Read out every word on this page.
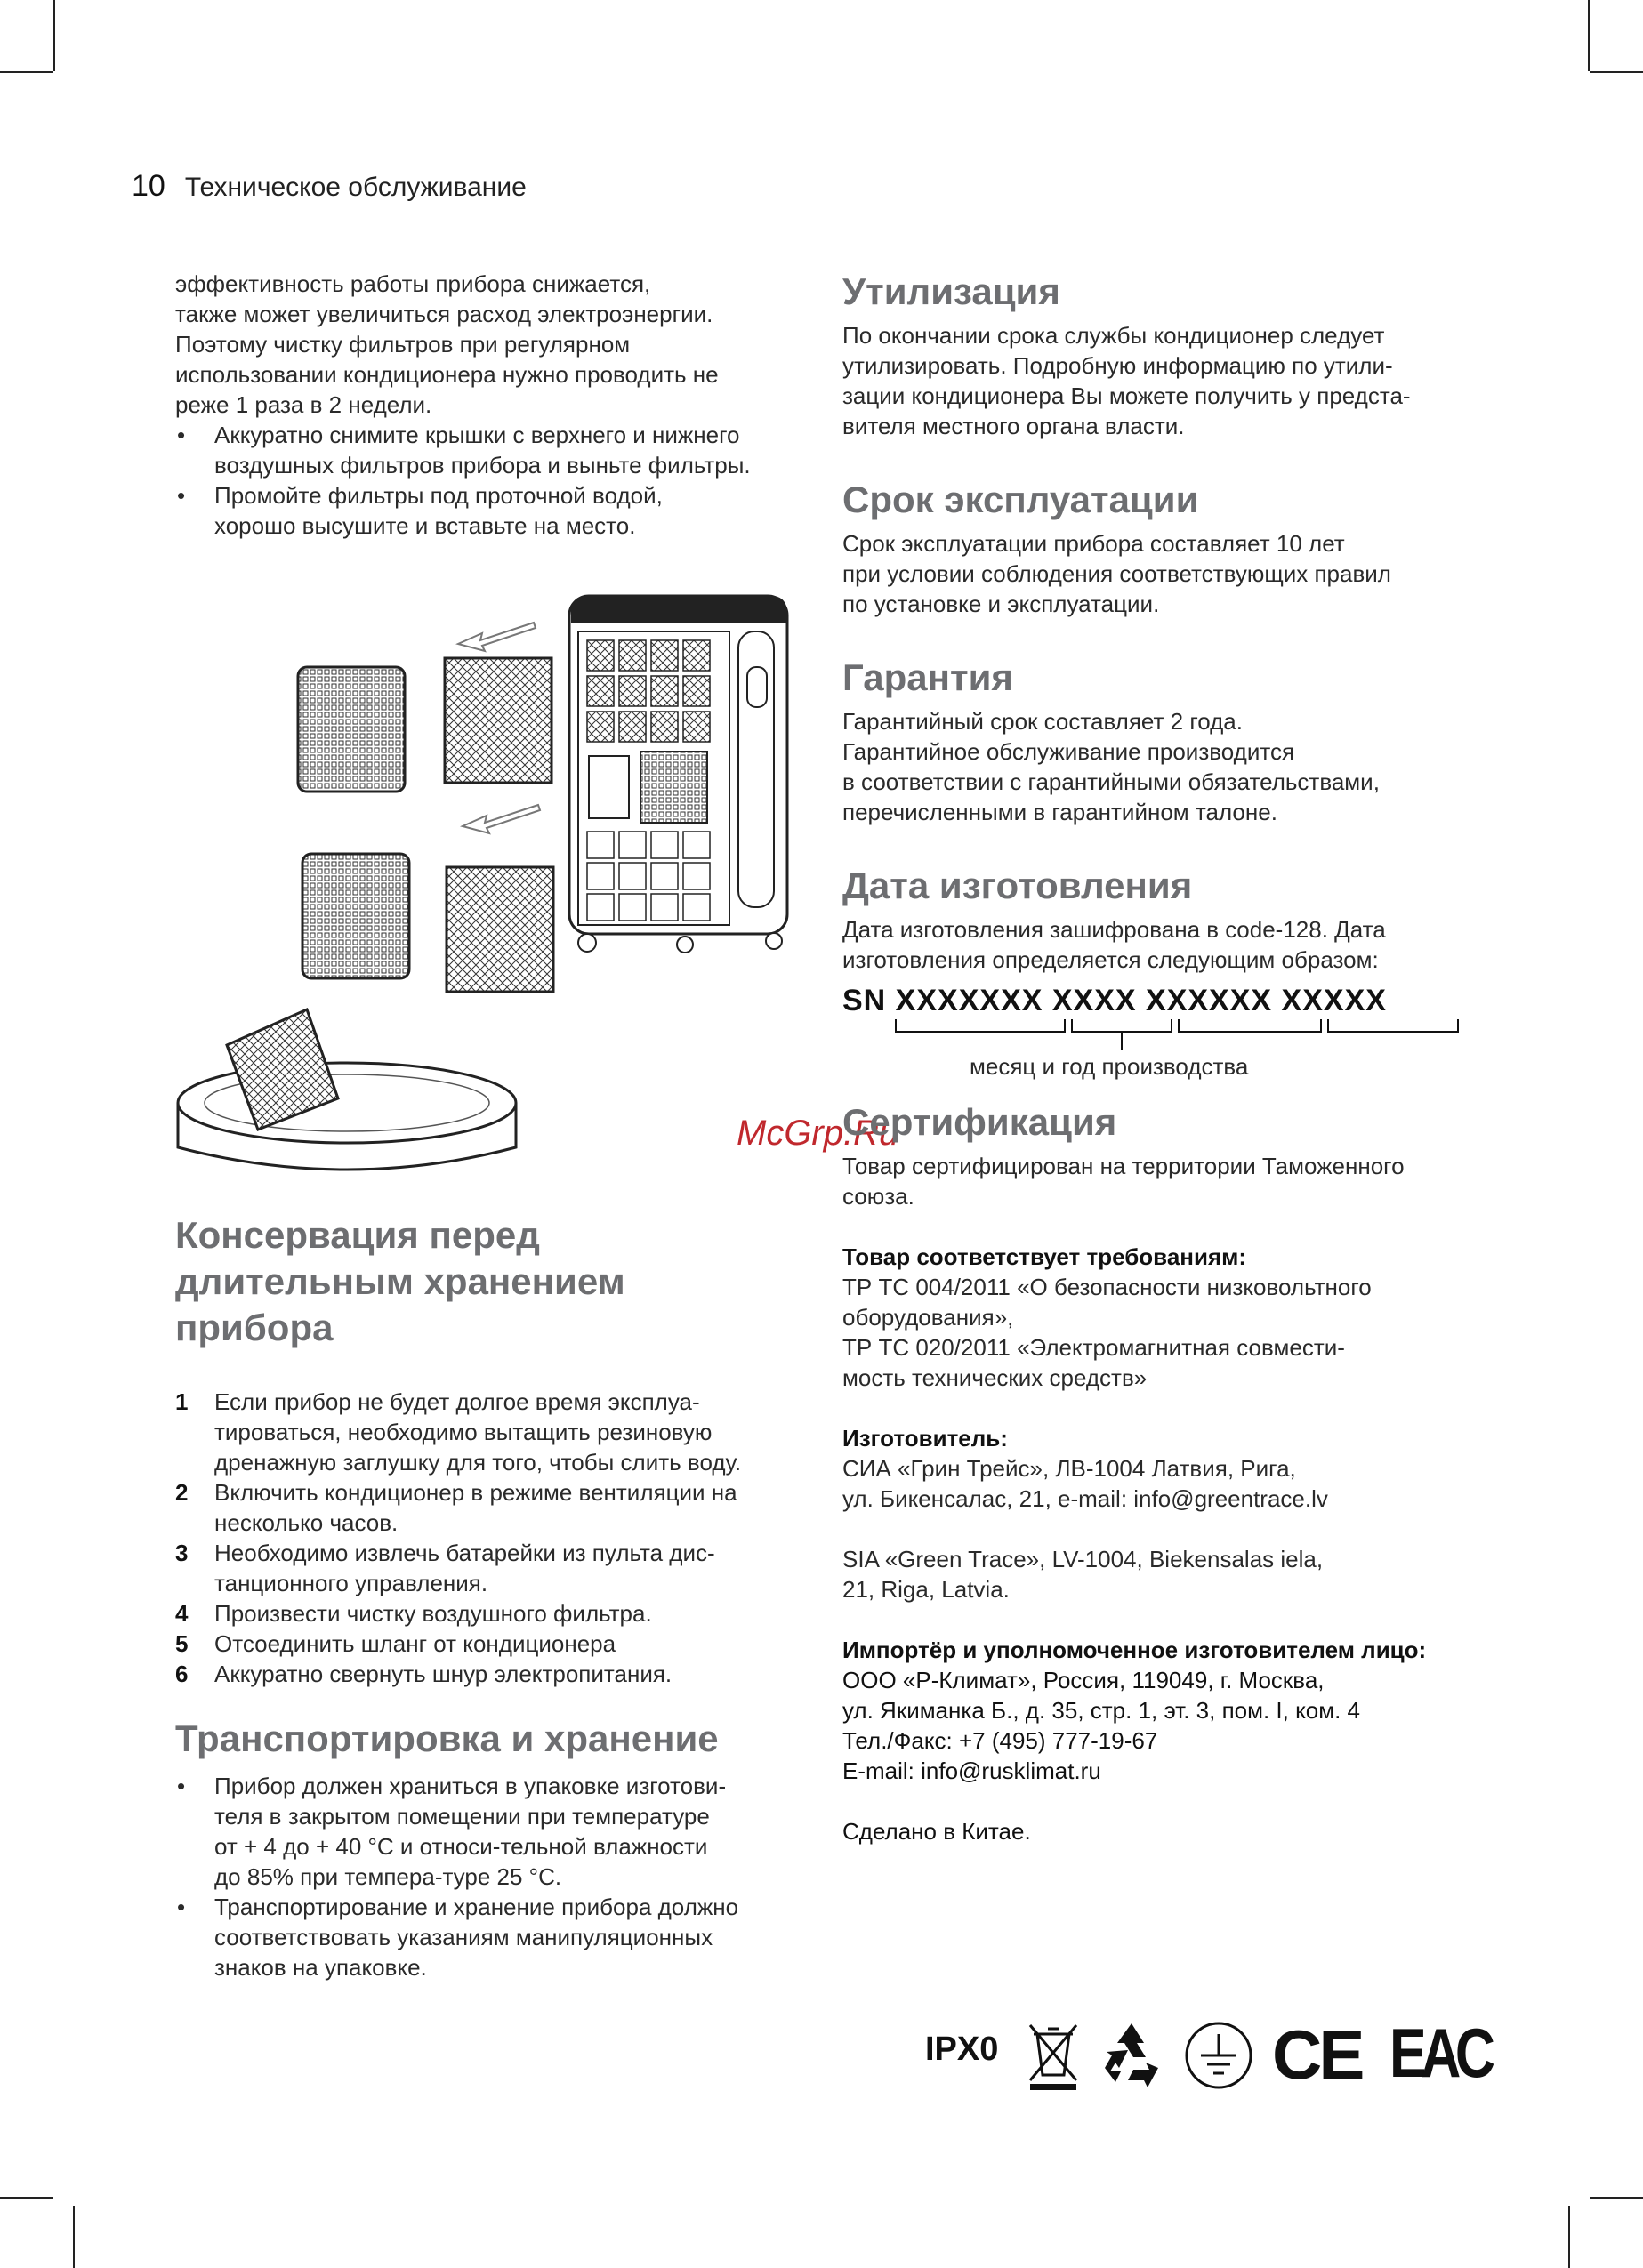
10 Техническое обслуживание

эффективность работы прибора снижается,
также может увеличиться расход электроэнергии.
Поэтому чистку фильтров при регулярном
использовании кондиционера нужно проводить не
реже 1 раза в 2 недели.

• Аккуратно снимите крышки с верхнего и нижнего
воздушных фильтров прибора и выньте фильтры.
• Промойте фильтры под проточной водой,
хорошо высушите и вставьте на место.
McGrp.Ru
Консервация перед
длительным хранением
прибора
1 Если прибор не будет долгое время эксплуа-
тироваться, необходимо вытащить резиновую
дренажную заглушку для того, чтобы слить воду.
2 Включить кондиционер в режиме вентиляции на
несколько часов.
3 Необходимо извлечь батарейки из пульта дис-
танционного управления.
4 Произвести чистку воздушного фильтра.
5 Отсоединить шланг от кондиционера
6 Аккуратно свернуть шнур электропитания.
Транспортировка и хранение
• Прибор должен храниться в упаковке изготови-
теля в закрытом помещении при температуре
от + 4 до + 40 °С и относи-тельной влажности
до 85% при темпера-туре 25 °С.
• Транспортирование и хранение прибора должно
соответствовать указаниям манипуляционных
знаков на упаковке.
Утилизация

По окончании срока службы кондиционер следует
утилизировать. Подробную информацию по утили-
зации кондиционера Вы можете получить у предста-
вителя местного органа власти.

Срок эксплуатации

Срок эксплуатации прибора составляет 10 лет
при условии соблюдения соответствующих правил
по установке и эксплуатации.

Гарантия

Гарантийный срок составляет 2 года.
Гарантийное обслуживание производится
в соответствии с гарантийными обязательствами,
перечисленными в гарантийном талоне.

Дата изготовления

Дата изготовления зашифрована в code-128. Дата
изготовления определяется следующим образом:

SN XXXXXXX XXXX XXXXXX XXXXX
месяц и год производства
Сертификация

Товар сертифицирован на территории Таможенного
союза.

Товар соответствует требованиям:
ТР ТС 004/2011 «О безопасности низковольтного
оборудования»,
ТР ТС 020/2011 «Электромагнитная совмести-
мость технических средств»

Изготовитель:
СИА «Грин Трейс», ЛВ-1004 Латвия, Рига,
ул. Бикенсалас, 21, e-mail: info@greentrace.lv

SIA «Green Trace», LV-1004, Biekensalas iela,
21, Riga, Latvia.

Импортёр и уполномоченное изготовителем лицо:
ООО «Р-Климат», Россия, 119049, г. Москва,
ул. Якиманка Б., д. 35, стр. 1, эт. 3, пом. I, ком. 4
Тел./Факс: +7 (495) 777-19-67
E-mail: info@rusklimat.ru

Сделано в Китае.

IPX0	CE EAC
